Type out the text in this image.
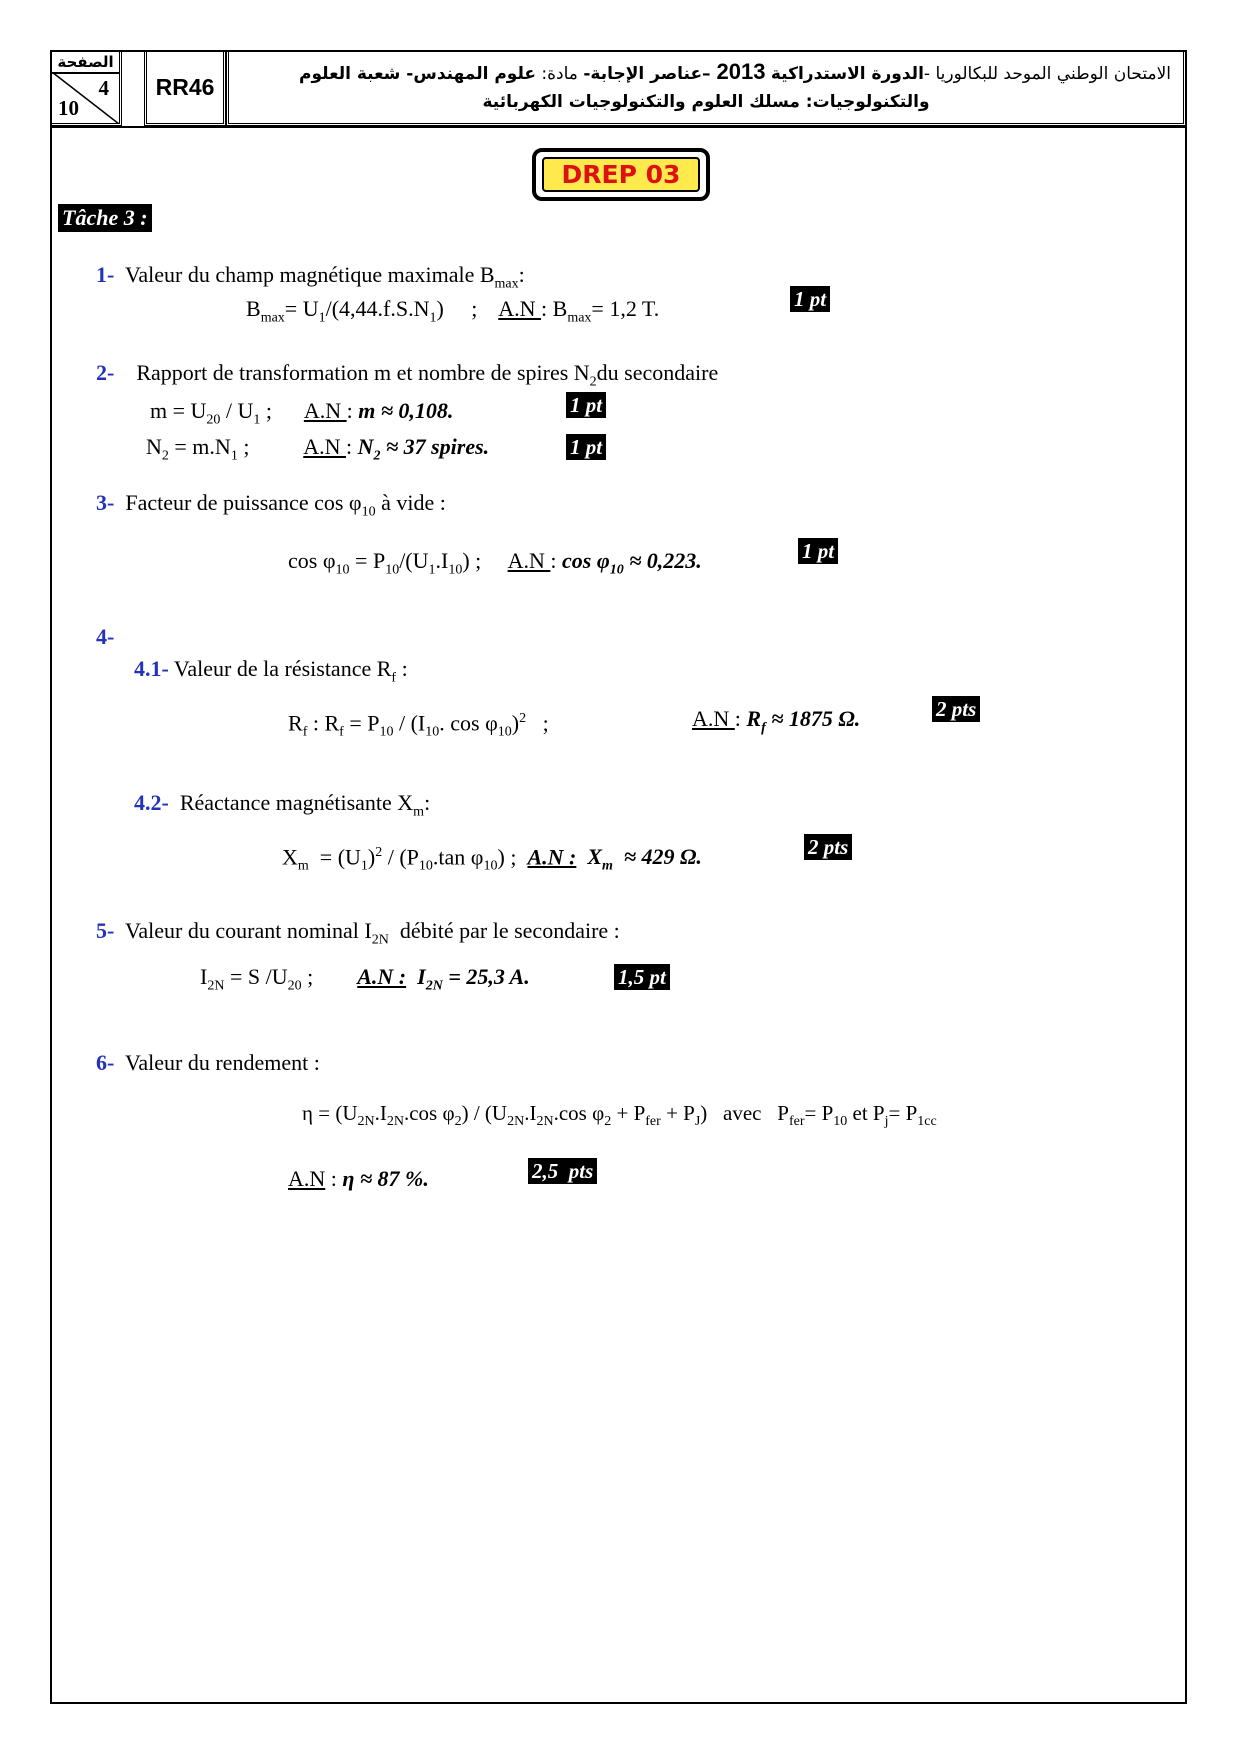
الصفحة
4
10
RR46	الامتحان الوطني الموحد للبكالوريا -الدورة الاستدراكية 2013 –عناصر الإجابة- مادة: علوم المهندس- شعبة العلوم
والتكنولوجيات: مسلك العلوم والتكنولوجيات الكهربائية
DREP 03
Tâche 3 :
1- Valeur du champ magnétique maximale $B_{max}$:
$B_{max}= U_1/(4,44.f.S.N_1)$     ;    A.N : $B_{max}= 1,2$ T.	1 pt
2- Rapport de transformation m et nombre de spires $N_2du$ secondaire
$m = U_{20} / U_1$ ;      A.N : m ≈ 0,108.	1 pt
$N_2 = m.N_1$ ;          A.N : $N_2 \approx 37$ spires.	1 pt
3- Facteur de puissance $\cos \varphi_{10}$ à vide :
$\cos \varphi_{10} = P_{10}/(U_1.I_{10})$ ;     A.N : $\cos \varphi_{10} \approx 0,223$.	1 pt
4-
4.1- Valeur de la résistance $R_f$ :
$R_f$ : $R_f = P_{10} / (I_{10}$. $\cos \varphi_{10})^2$   ;	A.N : $R_f \approx 1875$ Ω.	2 pts
4.2-  Réactance magnétisante $X_m$:
$X_m = (U_1)^2 / (P_{10}.\tan$ $\varphi_{10}$) ;  A.N :  $X_m \approx 429$ Ω.	2 pts
5- Valeur du courant nominal $I_{2N}$  débité par le secondaire :
$I_{2N} = S$ $/U_{20}$ ;        A.N :  $I_{2N} = 25,3$ A.	1,5 pt
6- Valeur du rendement :
$\eta = (U_{2N}.I_{2N}.\cos$ $\varphi_2) / (U_{2N}.I_{2N}.\cos$ $\varphi_2 + P_{fer} + P_J$)   avec   $P_{fer}= P_{10}$ et $P_j= P_{1cc}$
A.N : η ≈ 87 %.	2,5  pts
